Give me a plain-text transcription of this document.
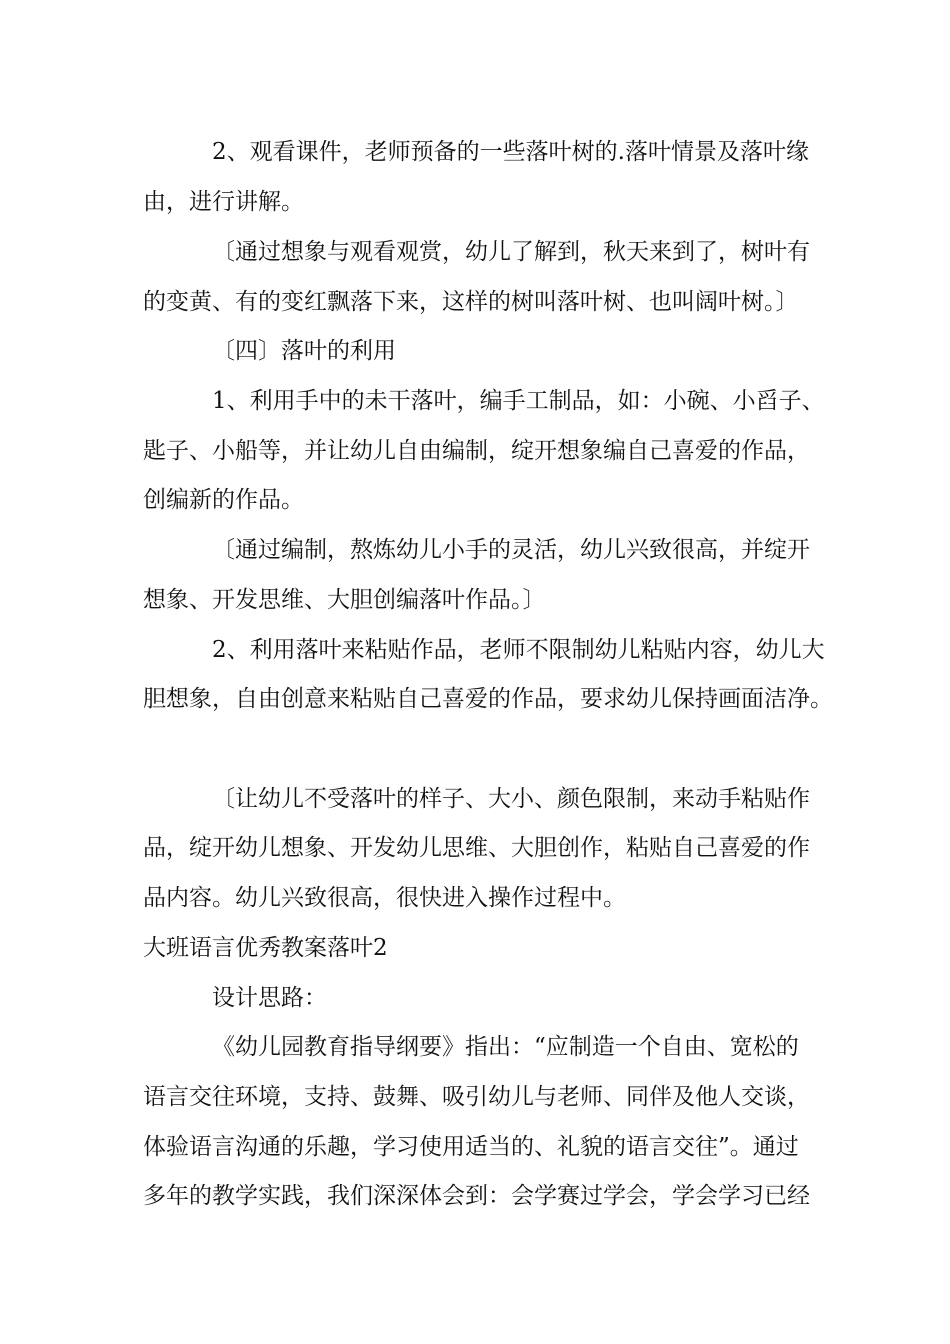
2、观看课件，老师预备的一些落叶树的.落叶情景及落叶缘
由，进行讲解。
〔通过想象与观看观赏，幼儿了解到，秋天来到了，树叶有
的变黄、有的变红飘落下来，这样的树叫落叶树、也叫阔叶树。〕
〔四〕落叶的利用
1、利用手中的未干落叶，编手工制品，如：小碗、小舀子、
匙子、小船等，并让幼儿自由编制，绽开想象编自己喜爱的作品，
创编新的作品。
〔通过编制，熬炼幼儿小手的灵活，幼儿兴致很高，并绽开
想象、开发思维、大胆创编落叶作品。〕
2、利用落叶来粘贴作品，老师不限制幼儿粘贴内容，幼儿大
胆想象，自由创意来粘贴自己喜爱的作品，要求幼儿保持画面洁净。
〔让幼儿不受落叶的样子、大小、颜色限制，来动手粘贴作
品，绽开幼儿想象、开发幼儿思维、大胆创作，粘贴自己喜爱的作
品内容。幼儿兴致很高，很快进入操作过程中。
大班语言优秀教案落叶2
设计思路：
《幼儿园教育指导纲要》指出：“应制造一个自由、宽松的
语言交往环境，支持、鼓舞、吸引幼儿与老师、同伴及他人交谈，
体验语言沟通的乐趣，学习使用适当的、礼貌的语言交往”。通过
多年的教学实践，我们深深体会到：会学赛过学会，学会学习已经
